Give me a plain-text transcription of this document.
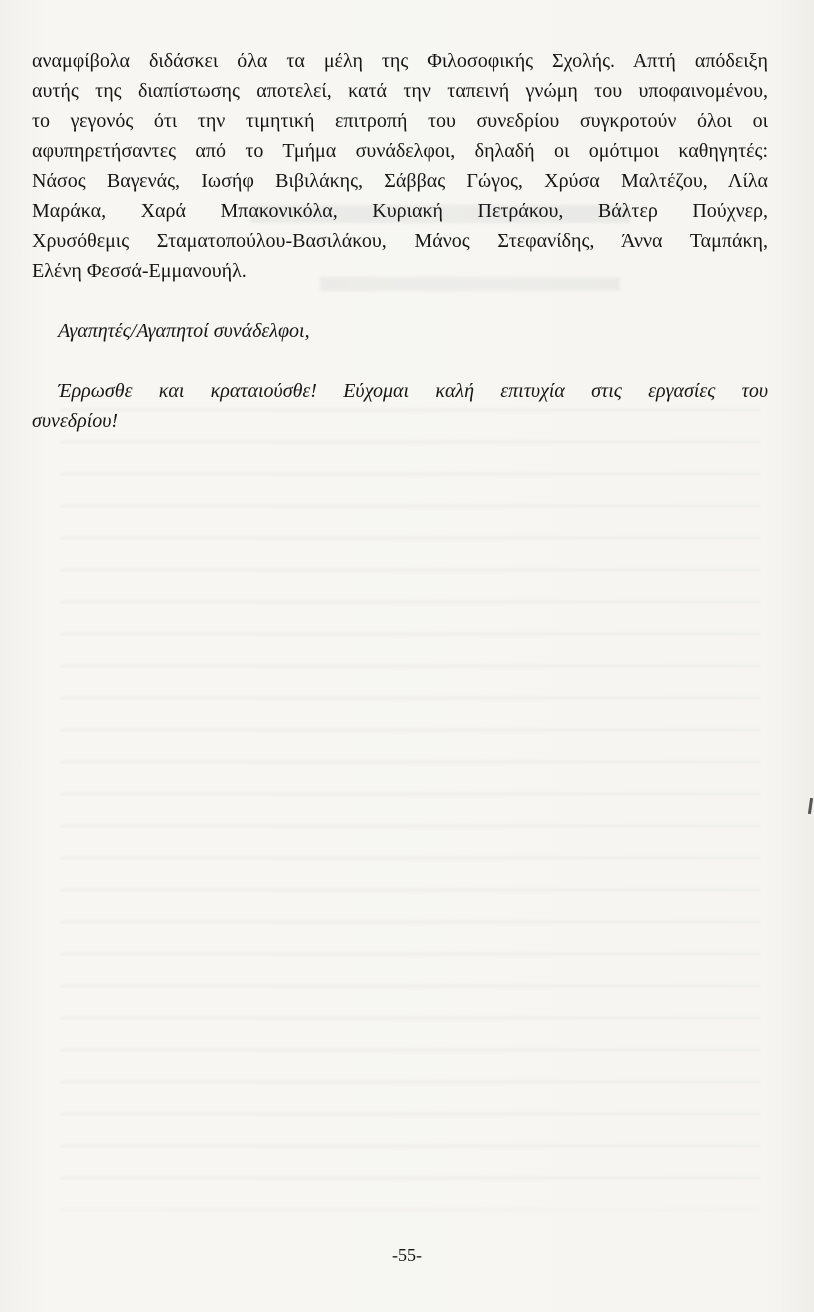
αναμφίβολα διδάσκει όλα τα μέλη της Φιλοσοφικής Σχολής. Απτή απόδειξη
αυτής της διαπίστωσης αποτελεί, κατά την ταπεινή γνώμη του υποφαινομένου,
το γεγονός ότι την τιμητική επιτροπή του συνεδρίου συγκροτούν όλοι οι
αφυπηρετήσαντες από το Τμήμα συνάδελφοι, δηλαδή οι ομότιμοι καθηγητές:
Νάσος Βαγενάς, Ιωσήφ Βιβιλάκης, Σάββας Γώγος, Χρύσα Μαλτέζου, Λίλα
Μαράκα, Χαρά Μπακονικόλα, Κυριακή Πετράκου, Βάλτερ Πούχνερ,
Χρυσόθεμις Σταματοπούλου-Βασιλάκου, Μάνος Στεφανίδης, Άννα Ταμπάκη,
Ελένη Φεσσά-Εμμανουήλ.
Αγαπητές/Αγαπητοί συνάδελφοι,
Έρρωσθε και κραταιούσθε! Εύχομαι καλή επιτυχία στις εργασίες του
συνεδρίου!
-55-
